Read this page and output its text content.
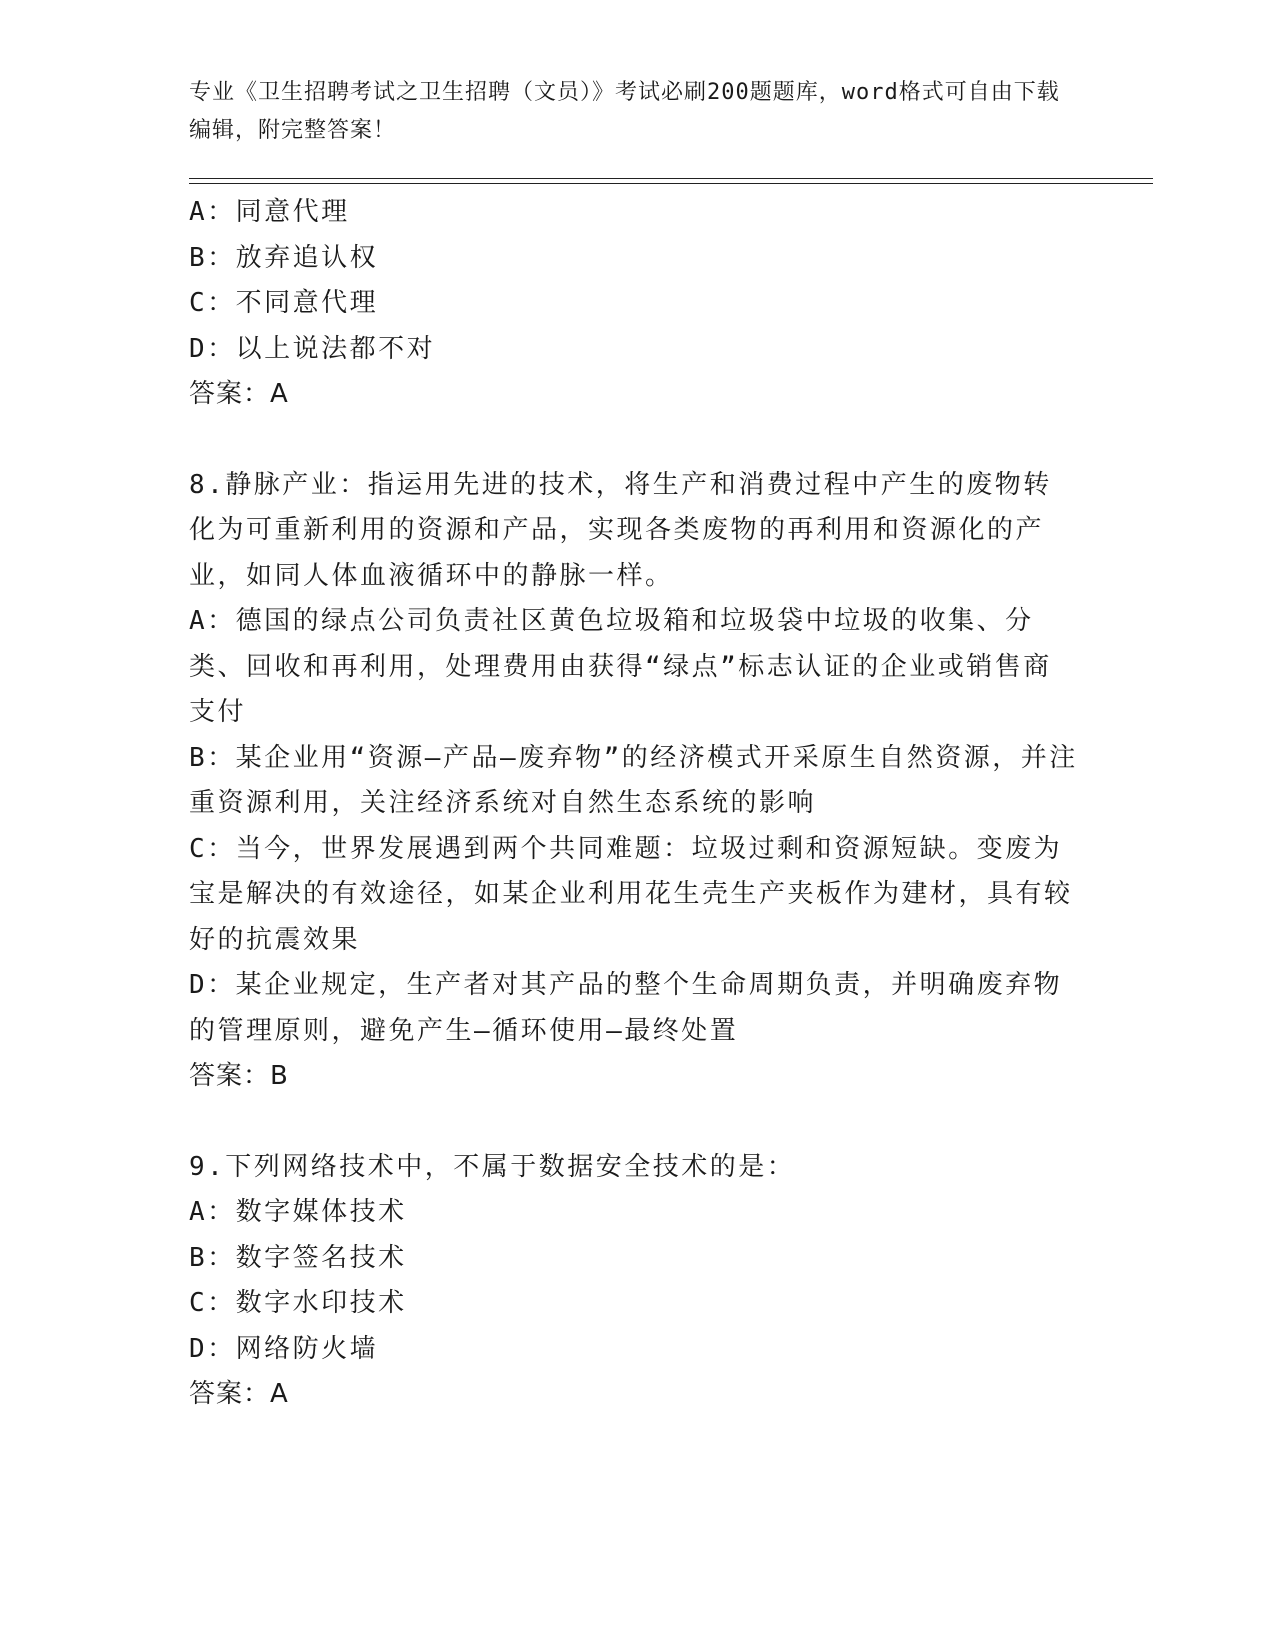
专业《卫生招聘考试之卫生招聘（文员）》考试必刷200题题库，word格式可自由下载编辑，附完整答案！

A：同意代理

B：放弃追认权

C：不同意代理

D：以上说法都不对

答案：A

8.静脉产业：指运用先进的技术，将生产和消费过程中产生的废物转化为可重新利用的资源和产品，实现各类废物的再利用和资源化的产业，如同人体血液循环中的静脉一样。

A：德国的绿点公司负责社区黄色垃圾箱和垃圾袋中垃圾的收集、分类、回收和再利用，处理费用由获得“绿点”标志认证的企业或销售商支付

B：某企业用“资源—产品—废弃物”的经济模式开采原生自然资源，并注重资源利用，关注经济系统对自然生态系统的影响

C：当今，世界发展遇到两个共同难题：垃圾过剩和资源短缺。变废为宝是解决的有效途径，如某企业利用花生壳生产夹板作为建材，具有较好的抗震效果

D：某企业规定，生产者对其产品的整个生命周期负责，并明确废弃物的管理原则，避免产生—循环使用—最终处置

答案：B

9.下列网络技术中，不属于数据安全技术的是：

A：数字媒体技术

B：数字签名技术

C：数字水印技术

D：网络防火墙

答案：A
